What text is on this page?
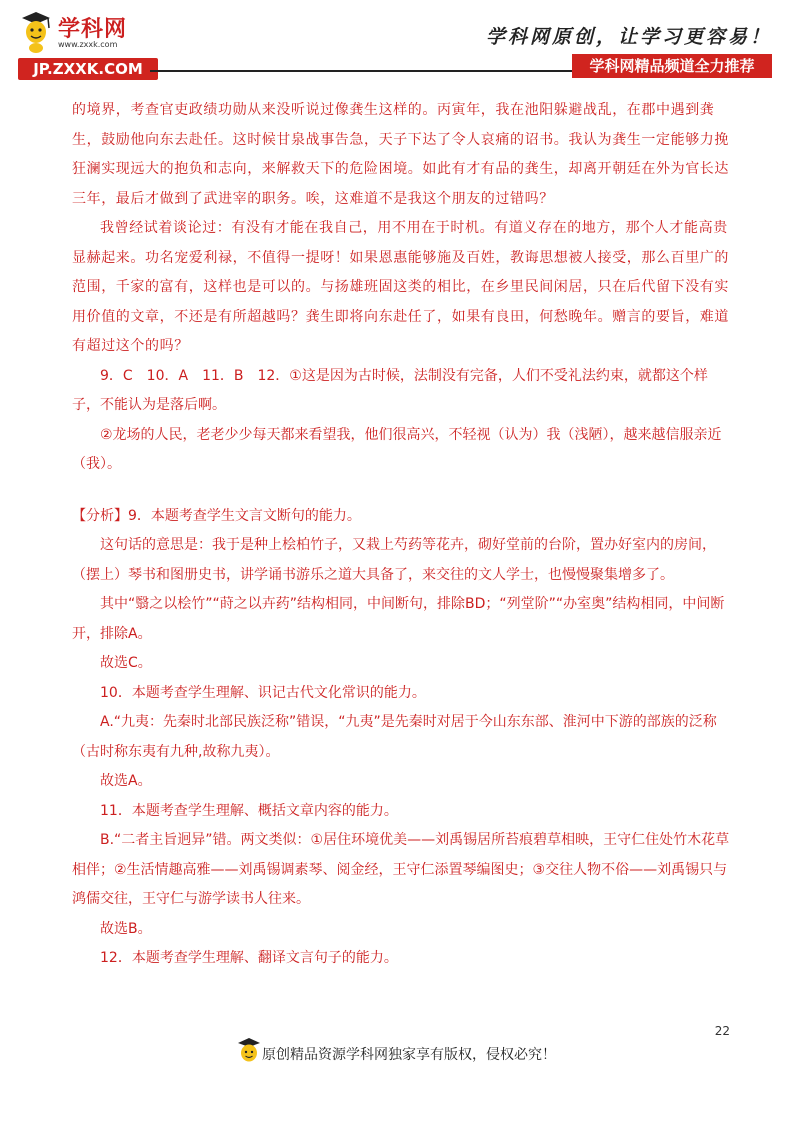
学科网
www.zxxk.com
JP.ZXXK.COM
学科网原创，让学习更容易！
学科网精品频道全力推荐

的境界，考查官吏政绩功勋从来没听说过像龚生这样的。丙寅年，我在池阳躲避战乱，在郡中遇到龚生，鼓励他向东去赴任。这时候甘泉战事告急，天子下达了令人哀痛的诏书。我认为龚生一定能够力挽狂澜实现远大的抱负和志向，来解救天下的危险困境。如此有才有品的龚生，却离开朝廷在外为官长达三年，最后才做到了武进宰的职务。唉，这难道不是我这个朋友的过错吗？

我曾经试着谈论过：有没有才能在我自己，用不用在于时机。有道义存在的地方，那个人才能高贵显赫起来。功名宠爱利禄，不值得一提呀！如果恩惠能够施及百姓，教诲思想被人接受，那么百里广的范围，千家的富有，这样也是可以的。与扬雄班固这类的相比，在乡里民间闲居，只在后代留下没有实用价值的文章，不还是有所超越吗？龚生即将向东赴任了，如果有良田，何愁晚年。赠言的要旨，难道有超过这个的吗？

9．C　10．A　11．B　12．①这是因为古时候，法制没有完备，人们不受礼法约束，就都这个样子，不能认为是落后啊。

②龙场的人民，老老少少每天都来看望我，他们很高兴，不轻视（认为）我（浅陋），越来越信服亲近（我）。

【分析】9．本题考查学生文言文断句的能力。

这句话的意思是：我于是种上桧柏竹子，又栽上芍药等花卉，砌好堂前的台阶，置办好室内的房间，（摆上）琴书和图册史书，讲学诵书游乐之道大具备了，来交往的文人学士，也慢慢聚集增多了。

其中“翳之以桧竹”“莳之以卉药”结构相同，中间断句，排除BD；“列堂阶”“办室奥”结构相同，中间断开，排除A。

故选C。

10．本题考查学生理解、识记古代文化常识的能力。

A.“九夷：先秦时北部民族泛称”错误，“九夷”是先秦时对居于今山东东部、淮河中下游的部族的泛称（古时称东夷有九种,故称九夷）。

故选A。

11．本题考查学生理解、概括文章内容的能力。

B.“二者主旨迥异”错。两文类似：①居住环境优美——刘禹锡居所苔痕碧草相映，王守仁住处竹木花草相伴；②生活情趣高雅——刘禹锡调素琴、阅金经，王守仁添置琴编图史；③交往人物不俗——刘禹锡只与鸿儒交往，王守仁与游学读书人往来。

故选B。

12．本题考查学生理解、翻译文言句子的能力。

22
原创精品资源学科网独家享有版权，侵权必究！
